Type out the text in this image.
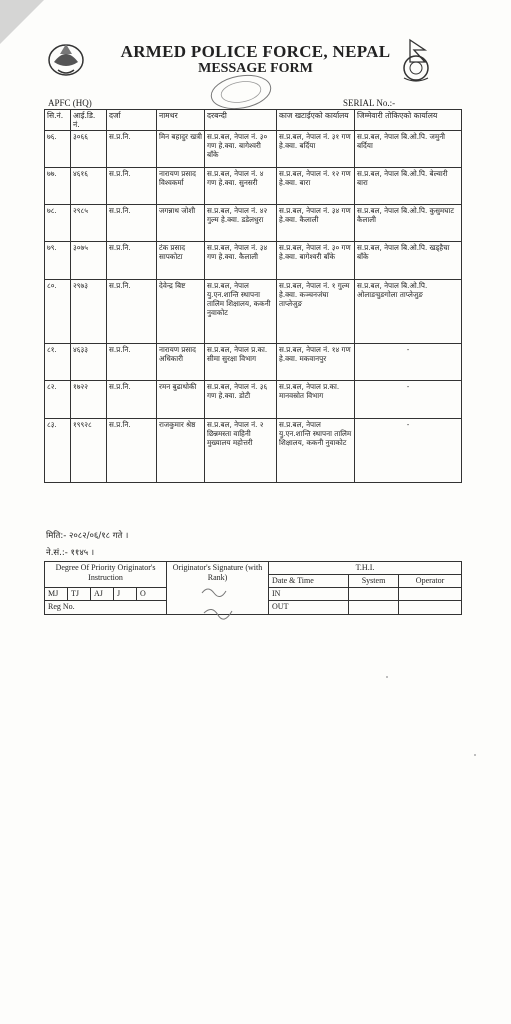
ARMED POLICE FORCE, NEPAL
MESSAGE FORM
APFC (HQ)	SERIAL No.:-
सि.नं.	आई.डि. नं.	दर्जा	नामथर	दरबन्दी	काज खटाईएको कार्यालय	जिम्मेवारी तोकिएको कार्यालय
७६.	३०६६	स.प्र.नि.	मिन बहादुर खत्री	स.प्र.बल, नेपाल नं. ३० गण हे.क्वा. बागेश्वरी बाँके	स.प्र.बल, नेपाल नं. ३१ गण हे.क्वा. बर्दिया	स.प्र.बल, नेपाल बि.ओ.पि. जमुनी बर्दिया
७७.	४६१६	स.प्र.नि.	नारायण प्रसाद विश्वकर्मा	स.प्र.बल, नेपाल नं. ४ गण हे.क्वा. सुनसरी	स.प्र.बल, नेपाल नं. १२ गण हे.क्वा. बारा	स.प्र.बल, नेपाल बि.ओ.पि. बेल्वारी बारा
७८.	२९८५	स.प्र.नि.	जगन्नाथ जोशी	स.प्र.बल, नेपाल नं. ४२ गुल्म हे.क्वा. डडेलधुरा	स.प्र.बल, नेपाल नं. ३४ गण हे.क्वा. कैलाली	स.प्र.बल, नेपाल बि.ओ.पि. कुसुमघाट कैलाली
७९.	३०७५	स.प्र.नि.	टंक प्रसाद सापकोटा	स.प्र.बल, नेपाल नं. ३४ गण हे.क्वा. कैलाली	स.प्र.बल, नेपाल नं. ३० गण हे.क्वा. बागेश्वरी बाँके	स.प्र.बल, नेपाल बि.ओ.पि. खड्हैचा बाँके
८०.	२९७३	स.प्र.नि.	देवेन्द्र बिष्ट	स.प्र.बल, नेपाल यु.एन.शान्ति स्थापना तालिम शिक्षालय, ककनी नुवाकोट	स.प्र.बल, नेपाल नं. १ गुल्म हे.क्वा. कञ्चनजंघा ताप्लेजुङ	स.प्र.बल, नेपाल बि.ओ.पि. ओलाङचुङगोला ताप्लेजुङ
८१.	४६३३	स.प्र.नि.	नारायण प्रसाद अधिकारी	स.प्र.बल, नेपाल प्र.का. सीमा सुरक्षा विभाग	स.प्र.बल, नेपाल नं. १४ गण हे.क्वा. मकवानपुर	-
८२.	१७२२	स.प्र.नि.	रमन बुढाथोकी	स.प्र.बल, नेपाल नं. ३६ गण हे.क्वा. डोटी	स.प्र.बल, नेपाल प्र.का. मानवस्रोत विभाग	-
८३.	१९९२८	स.प्र.नि.	राजकुमार श्रेष्ठ	स.प्र.बल, नेपाल नं. २ छिन्नमस्ता वाहिनी मुख्यालय महोत्तरी	स.प्र.बल, नेपाल यु.एन.शान्ति स्थापना तालिम शिक्षालय, ककनी नुवाकोट	-
मिति:- २०८२/०६/१८ गते ।
ने.सं.:- ११४५ ।
Degree Of Priority Originator's Instruction					Originator's Signature (with Rank)	T.H.I.		
						Date & Time	System	Operator
MJ	TJ	AJ	J	O		IN		
Reg No.						OUT		
